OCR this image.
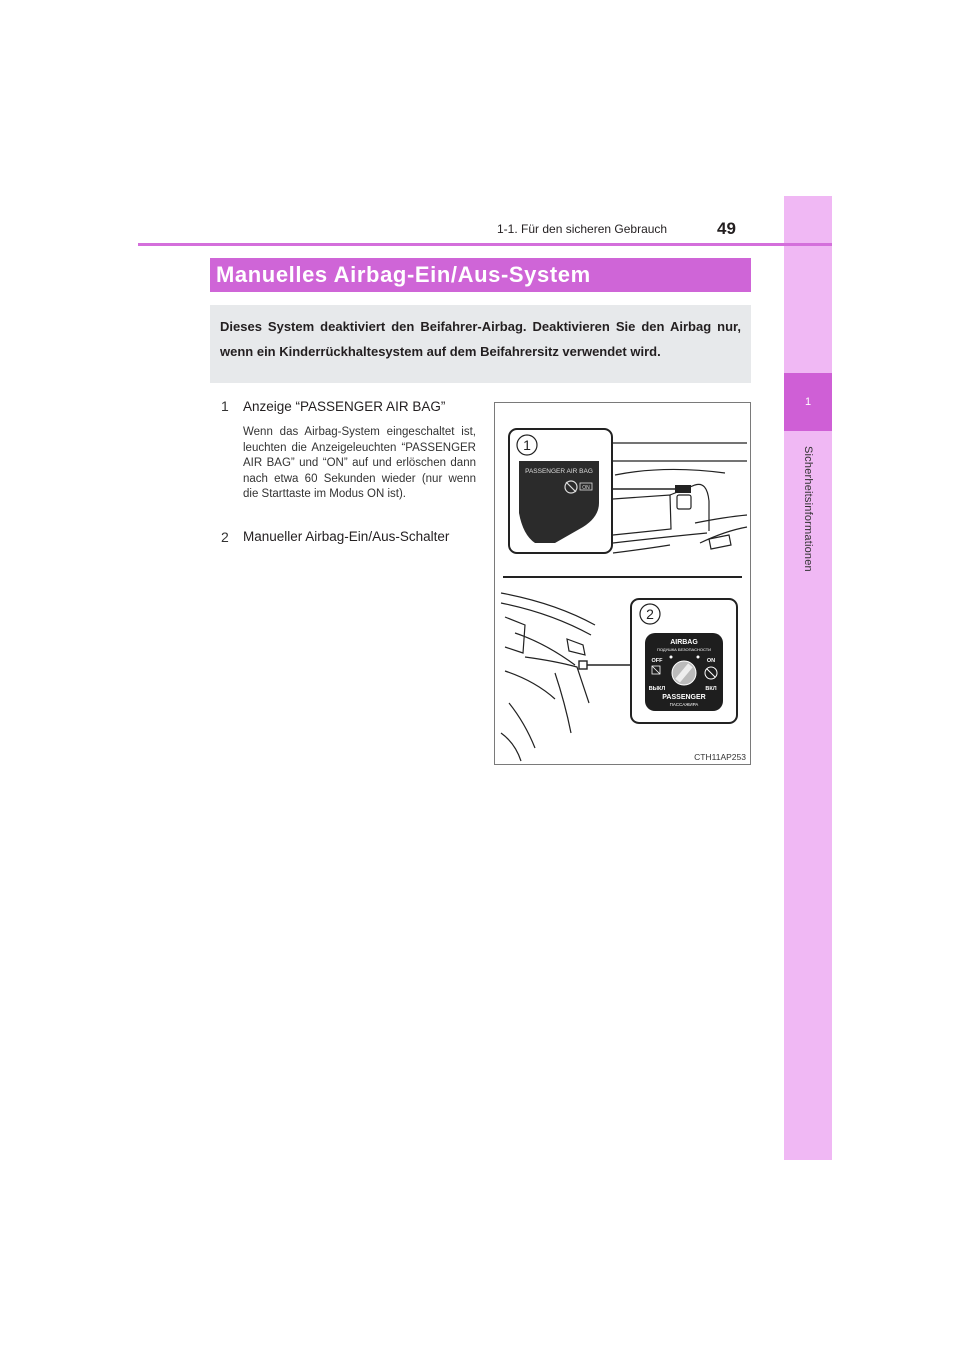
1
Sicherheitsinformationen
1-1. Für den sicheren Gebrauch	49
Manuelles Airbag-Ein/Aus-System

Dieses System deaktiviert den Beifahrer-Airbag. Deaktivieren Sie den Airbag nur, wenn ein Kinderrückhaltesystem auf dem Beifahrersitz verwendet wird.

1	Anzeige “PASSENGER AIR BAG”
Wenn das Airbag-System eingeschaltet ist, leuchten die Anzeigeleuchten “PASSENGER AIR BAG” und “ON” auf und erlöschen dann nach etwa 60 Sekunden wieder (nur wenn die Starttaste im Modus ON ist).
2	Manueller Airbag-Ein/Aus-Schalter
1
PASSENGER AIR BAG
ON
2
AIRBAG
ПОДУШКА БЕЗОПАСНОСТИ
OFF	ON
ВЫКЛ	ВКЛ
PASSENGER
ПАССАЖИРА
CTH11AP253
